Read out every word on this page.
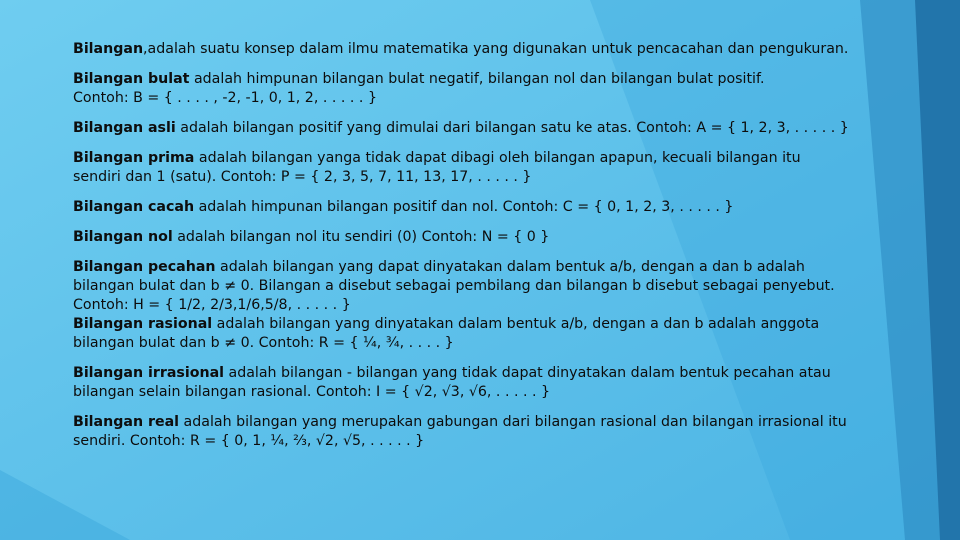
Bilangan,adalah suatu konsep dalam ilmu matematika yang digunakan untuk pencacahan dan pengukuran.

Bilangan bulat adalah himpunan bilangan bulat negatif, bilangan nol dan bilangan bulat positif.
Contoh: B = { . . . . , -2, -1, 0, 1, 2, . . . . . }

Bilangan asli adalah bilangan positif yang dimulai dari bilangan satu ke atas. Contoh: A = { 1, 2, 3, . . . . . }

Bilangan prima adalah bilangan yanga tidak dapat dibagi oleh bilangan apapun, kecuali bilangan itu
sendiri dan 1 (satu). Contoh: P = { 2, 3, 5, 7, 11, 13, 17, . . . . . }

Bilangan cacah adalah himpunan bilangan positif dan nol. Contoh: C = { 0, 1, 2, 3, . . . . . }

Bilangan nol adalah bilangan nol itu sendiri (0) Contoh: N = { 0 }

Bilangan pecahan adalah bilangan yang dapat dinyatakan dalam bentuk a/b, dengan a dan b adalah
bilangan bulat dan b ≠ 0. Bilangan a disebut sebagai pembilang dan bilangan b disebut sebagai penyebut.
Contoh: H = { 1/2, 2/3,1/6,5/8, . . . . . }

Bilangan rasional adalah bilangan yang dinyatakan dalam bentuk a/b, dengan a dan b adalah anggota
bilangan bulat dan b ≠ 0. Contoh: R = { ¼, ¾, . . . . }

Bilangan irrasional adalah bilangan - bilangan yang tidak dapat dinyatakan dalam bentuk pecahan atau
bilangan selain bilangan rasional. Contoh: I = { √2, √3, √6, . . . . . }

Bilangan real adalah bilangan yang merupakan gabungan dari bilangan rasional dan bilangan irrasional itu
sendiri. Contoh: R = { 0, 1, ¼, ⅔, √2, √5, . . . . . }
